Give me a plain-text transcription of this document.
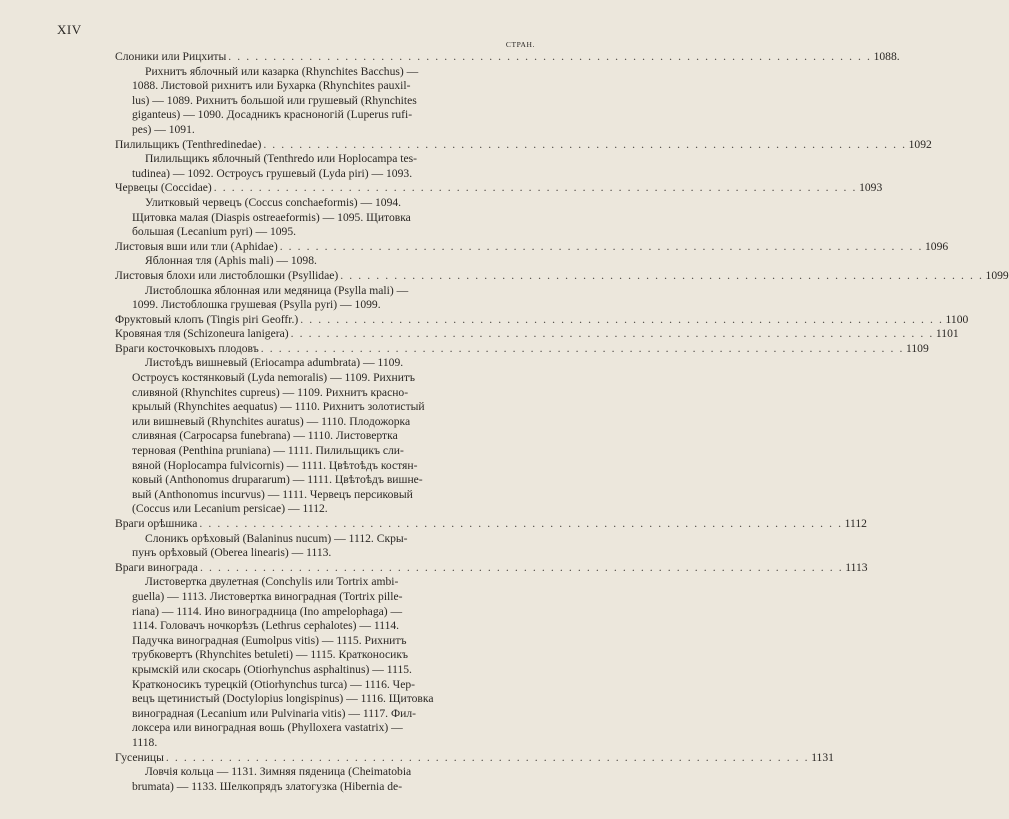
XIV
СТРАН.
Слоники или Рицхиты . . . . . . . . . . . . . . . . . . . . . . . . . . . . . . . . . . . . . . . . . . . . . . . . . . . . . . . . . . . . . . . . . . . . . . . . 1088.
Рихнитъ яблочный или казарка (Rhynchites Bacchus) —
1088. Листовой рихнитъ или Бухарка (Rhynchites pauxil-
lus) — 1089. Рихнитъ большой или грушевый (Rhynchites
giganteus) — 1090. Досадникъ красноногій (Luperus rufi-
pes) — 1091.
Пилильщикъ (Tenthredinedae) . . . . . . . . . . . . . . . . . . . . . . . . . . . . . . . . . . . . . . . . . . . . . . . . . . . . . . . . . . . . . . . . . . . . . . . . 1092
Пилильщикъ яблочный (Tenthredo или Hoplocampa tes-
tudinea) — 1092. Остроусъ грушевый (Lyda piri) — 1093.
Червецы (Coccidae) . . . . . . . . . . . . . . . . . . . . . . . . . . . . . . . . . . . . . . . . . . . . . . . . . . . . . . . . . . . . . . . . . . . . . . . . 1093
Улитковый червецъ (Coccus conchaeformis) — 1094.
Щитовка малая (Diaspis ostreaeformis) — 1095. Щитовка
большая (Lecanium pyri) — 1095.
Листовыя вши или тли (Aphidae) . . . . . . . . . . . . . . . . . . . . . . . . . . . . . . . . . . . . . . . . . . . . . . . . . . . . . . . . . . . . . . . . . . . . . . . . 1096
Яблонная тля (Aphis mali) — 1098.
Листовыя блохи или листоблошки (Psyllidae) . . . . . . . . . . . . . . . . . . . . . . . . . . . . . . . . . . . . . . . . . . . . . . . . . . . . . . . . . . . . . . . . . . . . . . . . 1099
Листоблошка яблонная или медяница (Psylla mali) —
1099. Листоблошка грушевая (Psylla pyri) — 1099.
Фруктовый клопъ (Tingis piri Geoffr.) . . . . . . . . . . . . . . . . . . . . . . . . . . . . . . . . . . . . . . . . . . . . . . . . . . . . . . . . . . . . . . . . . . . . . . . . 1100
Кровяная тля (Schizoneura lanigera) . . . . . . . . . . . . . . . . . . . . . . . . . . . . . . . . . . . . . . . . . . . . . . . . . . . . . . . . . . . . . . . . . . . . . . . . 1101
Враги косточковыхъ плодовъ . . . . . . . . . . . . . . . . . . . . . . . . . . . . . . . . . . . . . . . . . . . . . . . . . . . . . . . . . . . . . . . . . . . . . . . . 1109
Листоѣдъ вишневый (Eriocampa adumbrata) — 1109.
Остроусъ костянковый (Lyda nemoralis) — 1109. Рихнитъ
сливяной (Rhynchites cupreus) — 1109. Рихнитъ красно-
крылый (Rhynchites aequatus) — 1110. Рихнитъ золотистый
или вишневый (Rhynchites auratus) — 1110. Плодожорка
сливяная (Carpocapsa funebrana) — 1110. Листовертка
терновая (Penthina pruniana) — 1111. Пилильщикъ сли-
вяной (Hoplocampa fulvicornis) — 1111. Цвѣтоѣдъ костян-
ковый (Anthonomus drupararum) — 1111. Цвѣтоѣдъ вишне-
вый (Anthonomus incurvus) — 1111. Червецъ персиковый
(Coccus или Lecanium persicae) — 1112.
Враги орѣшника . . . . . . . . . . . . . . . . . . . . . . . . . . . . . . . . . . . . . . . . . . . . . . . . . . . . . . . . . . . . . . . . . . . . . . . . 1112
Слоникъ орѣховый (Balaninus nucum) — 1112. Скры-
пунъ орѣховый (Oberea linearis) — 1113.
Враги винограда . . . . . . . . . . . . . . . . . . . . . . . . . . . . . . . . . . . . . . . . . . . . . . . . . . . . . . . . . . . . . . . . . . . . . . . . 1113
Листовертка двулетная (Conchylis или Tortrix ambi-
guella) — 1113. Листовертка виноградная (Tortrix pille-
riana) — 1114. Ино виноградница (Ino ampelophaga) —
1114. Головачъ ночкорѣзъ (Lethrus cephalotes) — 1114.
Падучка виноградная (Eumolpus vitis) — 1115. Рихнитъ
трубковертъ (Rhynchites betuleti) — 1115. Кратконосикъ
крымскій или скосарь (Otiorhynchus asphaltinus) — 1115.
Кратконосикъ турецкій (Otiorhynchus turca) — 1116. Чер-
вецъ щетинистый (Doctylopius longispinus) — 1116. Щитовка
виноградная (Lecanium или Pulvinaria vitis) — 1117. Фил-
локсера или виноградная вошь (Phylloxera vastatrix) —
1118.
Гусеницы . . . . . . . . . . . . . . . . . . . . . . . . . . . . . . . . . . . . . . . . . . . . . . . . . . . . . . . . . . . . . . . . . . . . . . . . 1131
Ловчія кольца — 1131. Зимняя пяденица (Cheimatobia
brumata) — 1133. Шелкопрядъ златогузка (Hibernia de-
